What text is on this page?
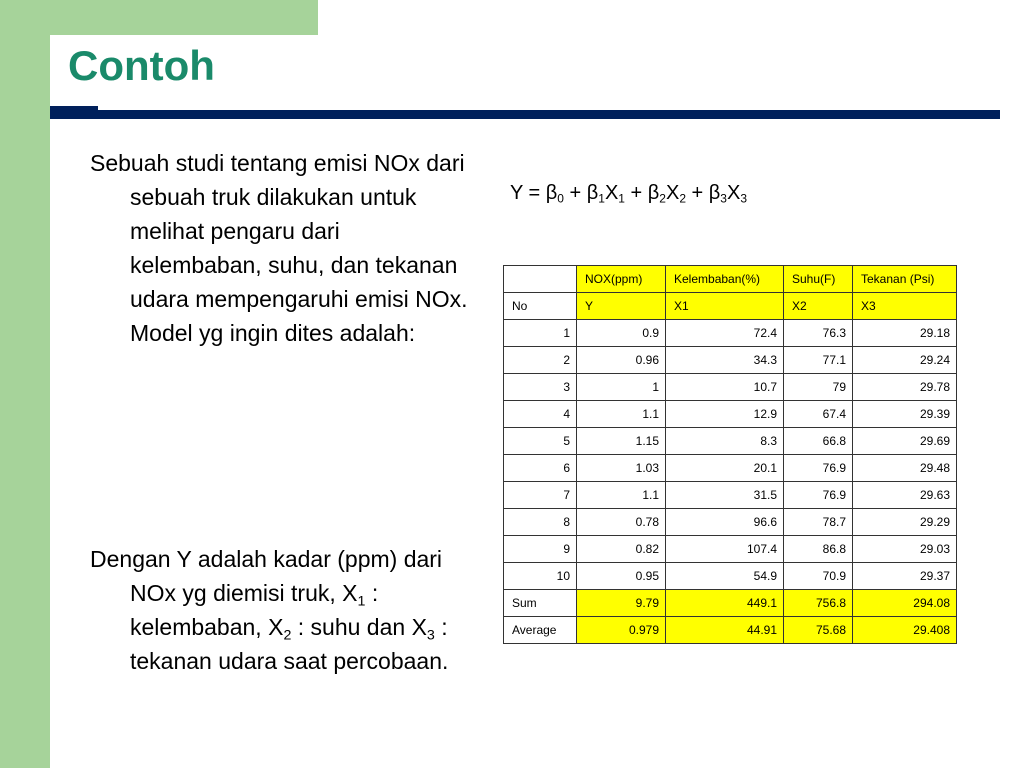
Contoh

Sebuah studi tentang emisi NOx dari sebuah truk dilakukan untuk melihat pengaru dari kelembaban, suhu, dan tekanan udara mempengaruhi emisi NOx. Model yg ingin dites adalah:

Dengan Y adalah kadar (ppm) dari NOx yg diemisi truk, $X_1$ : kelembaban, $X_2$ : suhu dan $X_3$ : tekanan udara saat percobaan.

$Y = \beta_0 + \beta_1X_1 + \beta_2X_2 + \beta_3X_3$
	NOX(ppm)	Kelembaban(%)	Suhu(F)	Tekanan (Psi)
No	Y	X1	X2	X3
1	0.9	72.4	76.3	29.18
2	0.96	34.3	77.1	29.24
3	1	10.7	79	29.78
4	1.1	12.9	67.4	29.39
5	1.15	8.3	66.8	29.69
6	1.03	20.1	76.9	29.48
7	1.1	31.5	76.9	29.63
8	0.78	96.6	78.7	29.29
9	0.82	107.4	86.8	29.03
10	0.95	54.9	70.9	29.37
Sum	9.79	449.1	756.8	294.08
Average	0.979	44.91	75.68	29.408
